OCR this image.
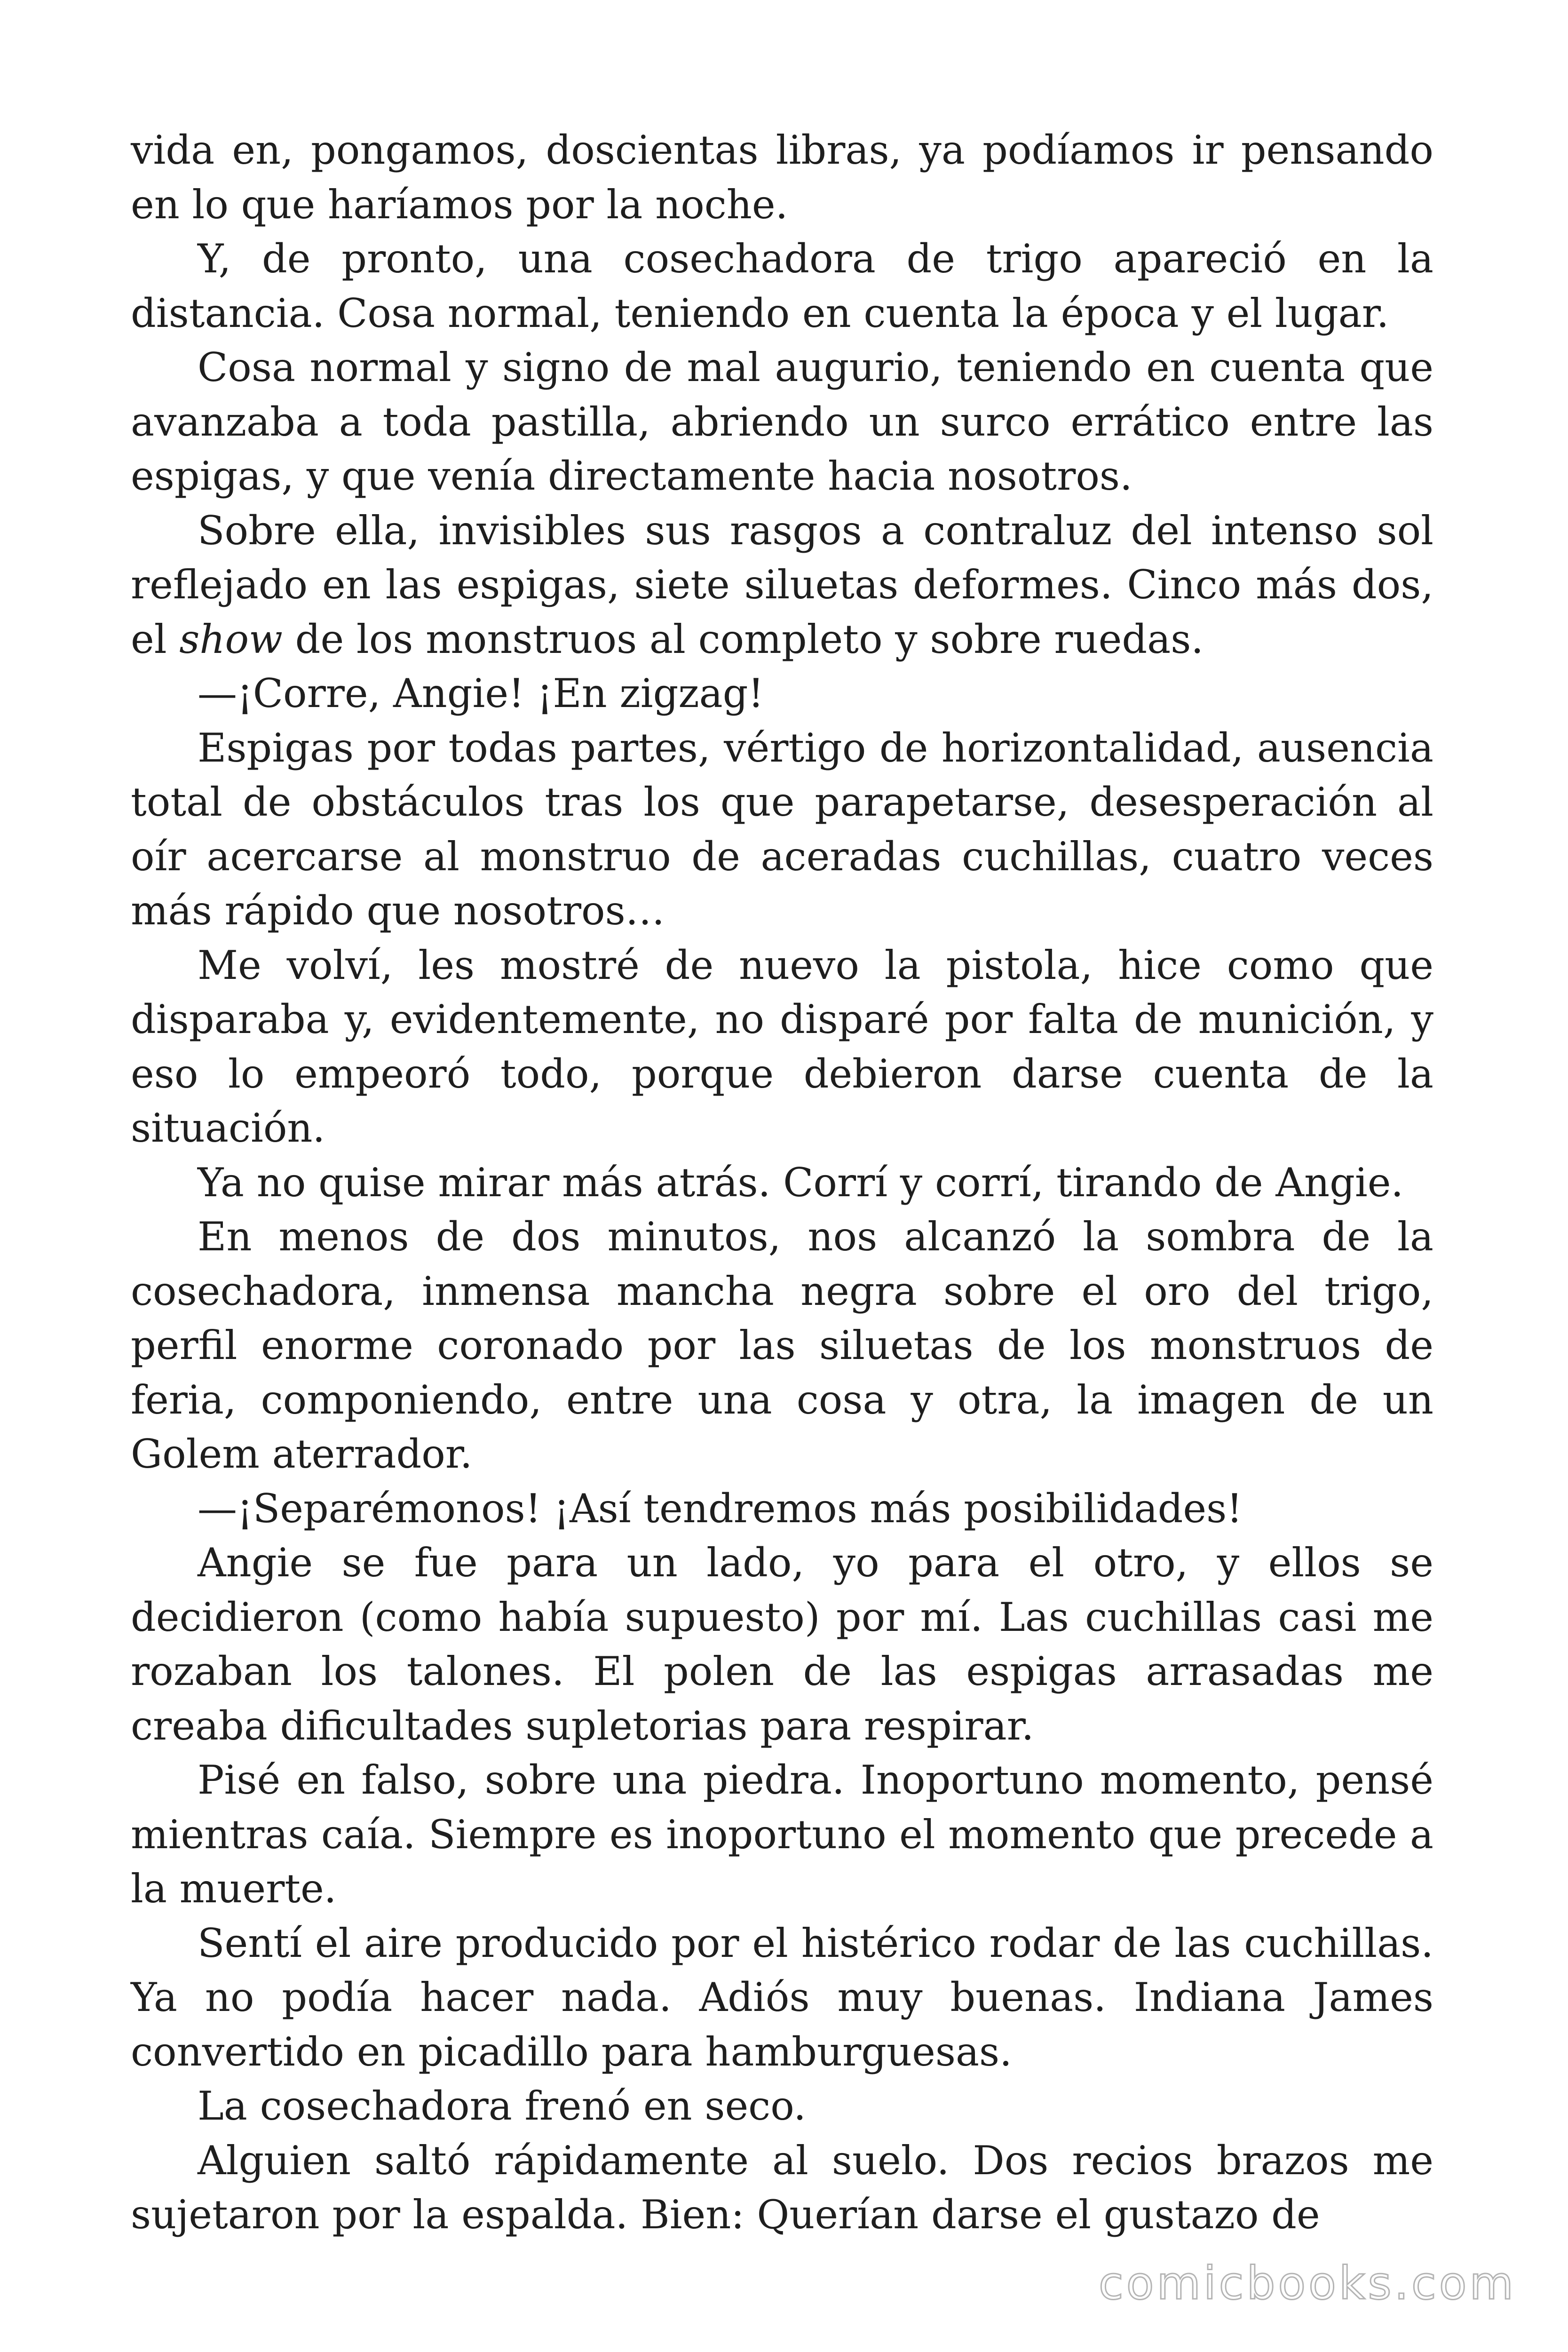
vida en, pongamos, doscientas libras, ya podíamos ir pensando en lo que haríamos por la noche.

Y, de pronto, una cosechadora de trigo apareció en la distancia. Cosa normal, teniendo en cuenta la época y el lugar.

Cosa normal y signo de mal augurio, teniendo en cuenta que avanzaba a toda pastilla, abriendo un surco errático entre las espigas, y que venía directamente hacia nosotros.

Sobre ella, invisibles sus rasgos a contraluz del intenso sol reflejado en las espigas, siete siluetas deformes. Cinco más dos, el show de los monstruos al completo y sobre ruedas.

—¡Corre, Angie! ¡En zigzag!

Espigas por todas partes, vértigo de horizontalidad, ausencia total de obstáculos tras los que parapetarse, desesperación al oír acercarse al monstruo de aceradas cuchillas, cuatro veces más rápido que nosotros…

Me volví, les mostré de nuevo la pistola, hice como que disparaba y, evidentemente, no disparé por falta de munición, y eso lo empeoró todo, porque debieron darse cuenta de la situación.

Ya no quise mirar más atrás. Corrí y corrí, tirando de Angie.

En menos de dos minutos, nos alcanzó la sombra de la cosechadora, inmensa mancha negra sobre el oro del trigo, perfil enorme coronado por las siluetas de los monstruos de feria, componiendo, entre una cosa y otra, la imagen de un Golem aterrador.

—¡Separémonos! ¡Así tendremos más posibilidades!

Angie se fue para un lado, yo para el otro, y ellos se decidieron (como había supuesto) por mí. Las cuchillas casi me rozaban los talones. El polen de las espigas arrasadas me creaba dificultades supletorias para respirar.

Pisé en falso, sobre una piedra. Inoportuno momento, pensé mientras caía. Siempre es inoportuno el momento que precede a la muerte.

Sentí el aire producido por el histérico rodar de las cuchillas. Ya no podía hacer nada. Adiós muy buenas. Indiana James convertido en picadillo para hamburguesas.

La cosechadora frenó en seco.

Alguien saltó rápidamente al suelo. Dos recios brazos me sujetaron por la espalda. Bien: Querían darse el gustazo de

comicbooks.com
